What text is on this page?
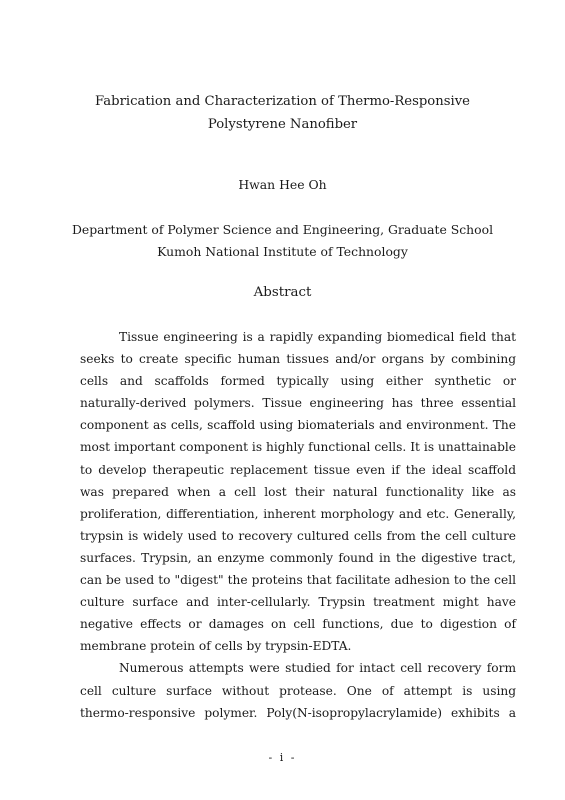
Fabrication and Characterization of Thermo-Responsive
Polystyrene Nanofiber
Hwan Hee Oh
Department of Polymer Science and Engineering, Graduate School
Kumoh National Institute of Technology
Abstract
Tissue engineering is a rapidly expanding biomedical field that
seeks to create specific human tissues and/or organs by combining
cells and scaffolds formed typically using either synthetic or
naturally-derived polymers. Tissue engineering has three essential
component as cells, scaffold using biomaterials and environment. The
most important component is highly functional cells. It is unattainable
to develop therapeutic replacement tissue even if the ideal scaffold
was prepared when a cell lost their natural functionality like as
proliferation, differentiation, inherent morphology and etc. Generally,
trypsin is widely used to recovery cultured cells from the cell culture
surfaces. Trypsin, an enzyme commonly found in the digestive tract,
can be used to "digest" the proteins that facilitate adhesion to the cell
culture surface and inter-cellularly. Trypsin treatment might have
negative effects or damages on cell functions, due to digestion of
membrane protein of cells by trypsin-EDTA.
Numerous attempts were studied for intact cell recovery form
cell culture surface without protease. One of attempt is using
thermo-responsive polymer. Poly(N-isopropylacrylamide) exhibits a
- i -
